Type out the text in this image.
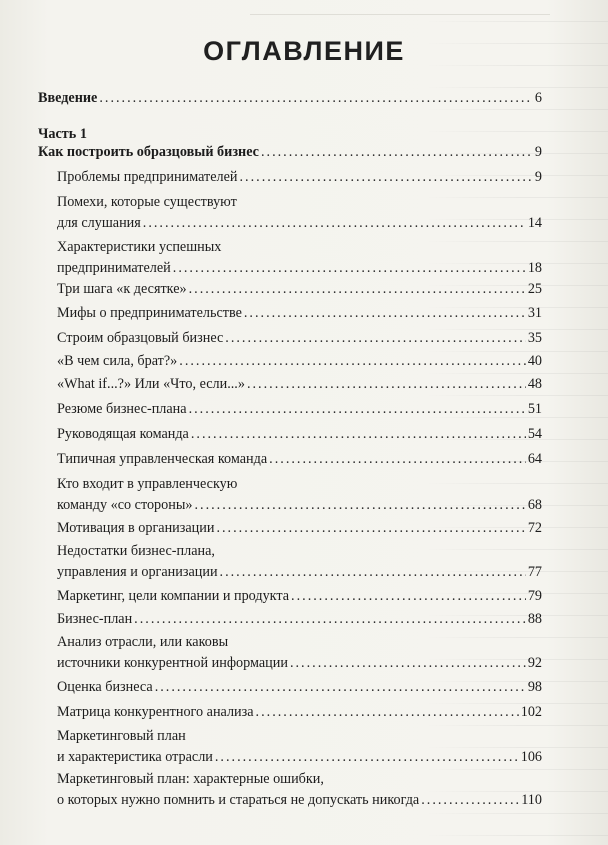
ОГЛАВЛЕНИЕ
Введение .....	6
Часть 1
Как построить образцовый бизнес .....	9
Проблемы предпринимателей .....	9
Помехи, которые существуют
для слушания .....	14
Характеристики успешных
предпринимателей .....	18
Три шага «к десятке» .....	25
Мифы о предпринимательстве .....	31
Строим образцовый бизнес .....	35
«В чем сила, брат?» .....	40
«What if...?» Или «Что, если...» .....	48
Резюме бизнес-плана .....	51
Руководящая команда .....	54
Типичная управленческая команда .....	64
Кто входит в управленческую
команду «со стороны» .....	68
Мотивация в организации .....	72
Недостатки бизнес-плана,
управления и организации .....	77
Маркетинг, цели компании и продукта .....	79
Бизнес-план .....	88
Анализ отрасли, или каковы
источники конкурентной информации .....	92
Оценка бизнеса .....	98
Матрица конкурентного анализа .....	102
Маркетинговый план
и характеристика отрасли .....	106
Маркетинговый план: характерные ошибки,
о которых нужно помнить и стараться не допускать никогда .....	110
